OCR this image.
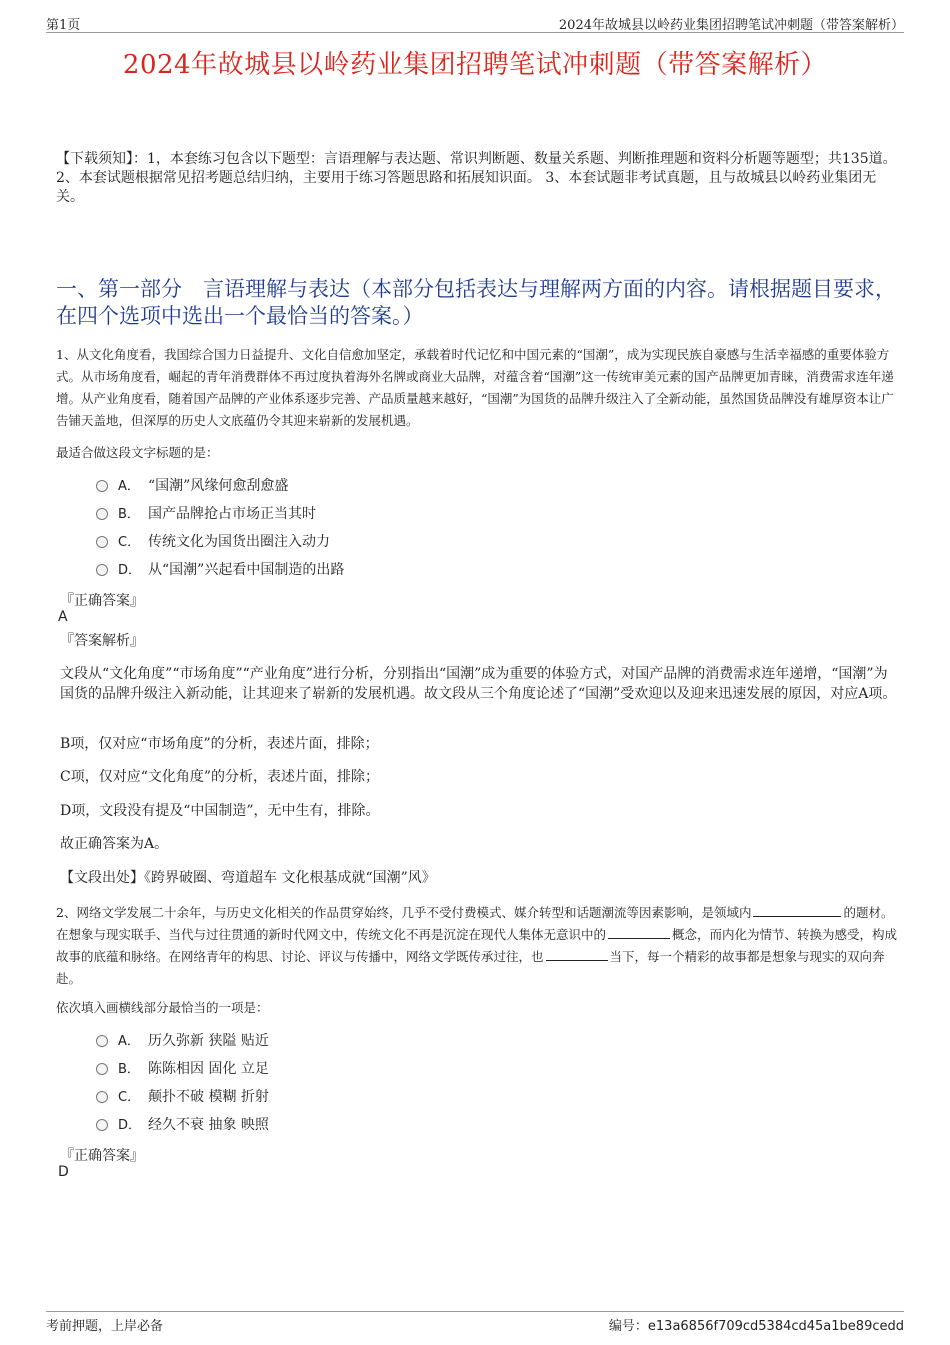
第1页	2024年故城县以岭药业集团招聘笔试冲刺题（带答案解析）
2024年故城县以岭药业集团招聘笔试冲刺题（带答案解析）
【下载须知】：1，本套练习包含以下题型：言语理解与表达题、常识判断题、数量关系题、判断推理题和资料分析题等题型；共135道。 2、本套试题根据常见招考题总结归纳，主要用于练习答题思路和拓展知识面。 3、本套试题非考试真题，且与故城县以岭药业集团无关。
一、第一部分　言语理解与表达（本部分包括表达与理解两方面的内容。请根据题目要求，在四个选项中选出一个最恰当的答案。）
1、从文化角度看，我国综合国力日益提升、文化自信愈加坚定，承载着时代记忆和中国元素的“国潮”，成为实现民族自豪感与生活幸福感的重要体验方式。从市场角度看，崛起的青年消费群体不再过度执着海外名牌或商业大品牌，对蕴含着“国潮”这一传统审美元素的国产品牌更加青睐，消费需求连年递增。从产业角度看，随着国产品牌的产业体系逐步完善、产品质量越来越好，“国潮”为国货的品牌升级注入了全新动能，虽然国货品牌没有雄厚资本让广告铺天盖地，但深厚的历史人文底蕴仍令其迎来崭新的发展机遇。
最适合做这段文字标题的是：
A． “国潮”风缘何愈刮愈盛
B． 国产品牌抢占市场正当其时
C． 传统文化为国货出圈注入动力
D． 从“国潮”兴起看中国制造的出路
『正确答案』
A
『答案解析』
文段从“文化角度”“市场角度”“产业角度”进行分析，分别指出“国潮”成为重要的体验方式，对国产品牌的消费需求连年递增，“国潮”为国货的品牌升级注入新动能，让其迎来了崭新的发展机遇。故文段从三个角度论述了“国潮”受欢迎以及迎来迅速发展的原因，对应A项。
B项，仅对应“市场角度”的分析，表述片面，排除；
C项，仅对应“文化角度”的分析，表述片面，排除；
D项，文段没有提及“中国制造”，无中生有，排除。
故正确答案为A。
【文段出处】《跨界破圈、弯道超车 文化根基成就“国潮”风》
2、网络文学发展二十余年，与历史文化相关的作品贯穿始终，几乎不受付费模式、媒介转型和话题潮流等因素影响，是领域内	的题材。在想象与现实联手、当代与过往贯通的新时代网文中，传统文化不再是沉淀在现代人集体无意识中的	概念，而内化为情节、转换为感受，构成故事的底蕴和脉络。在网络青年的构思、讨论、评议与传播中，网络文学既传承过往，也	当下，每一个精彩的故事都是想象与现实的双向奔赴。
依次填入画横线部分最恰当的一项是：
A． 历久弥新 狭隘 贴近
B． 陈陈相因 固化 立足
C． 颠扑不破 模糊 折射
D． 经久不衰 抽象 映照
『正确答案』
D
考前押题，上岸必备	编号：e13a6856f709cd5384cd45a1be89cedd
